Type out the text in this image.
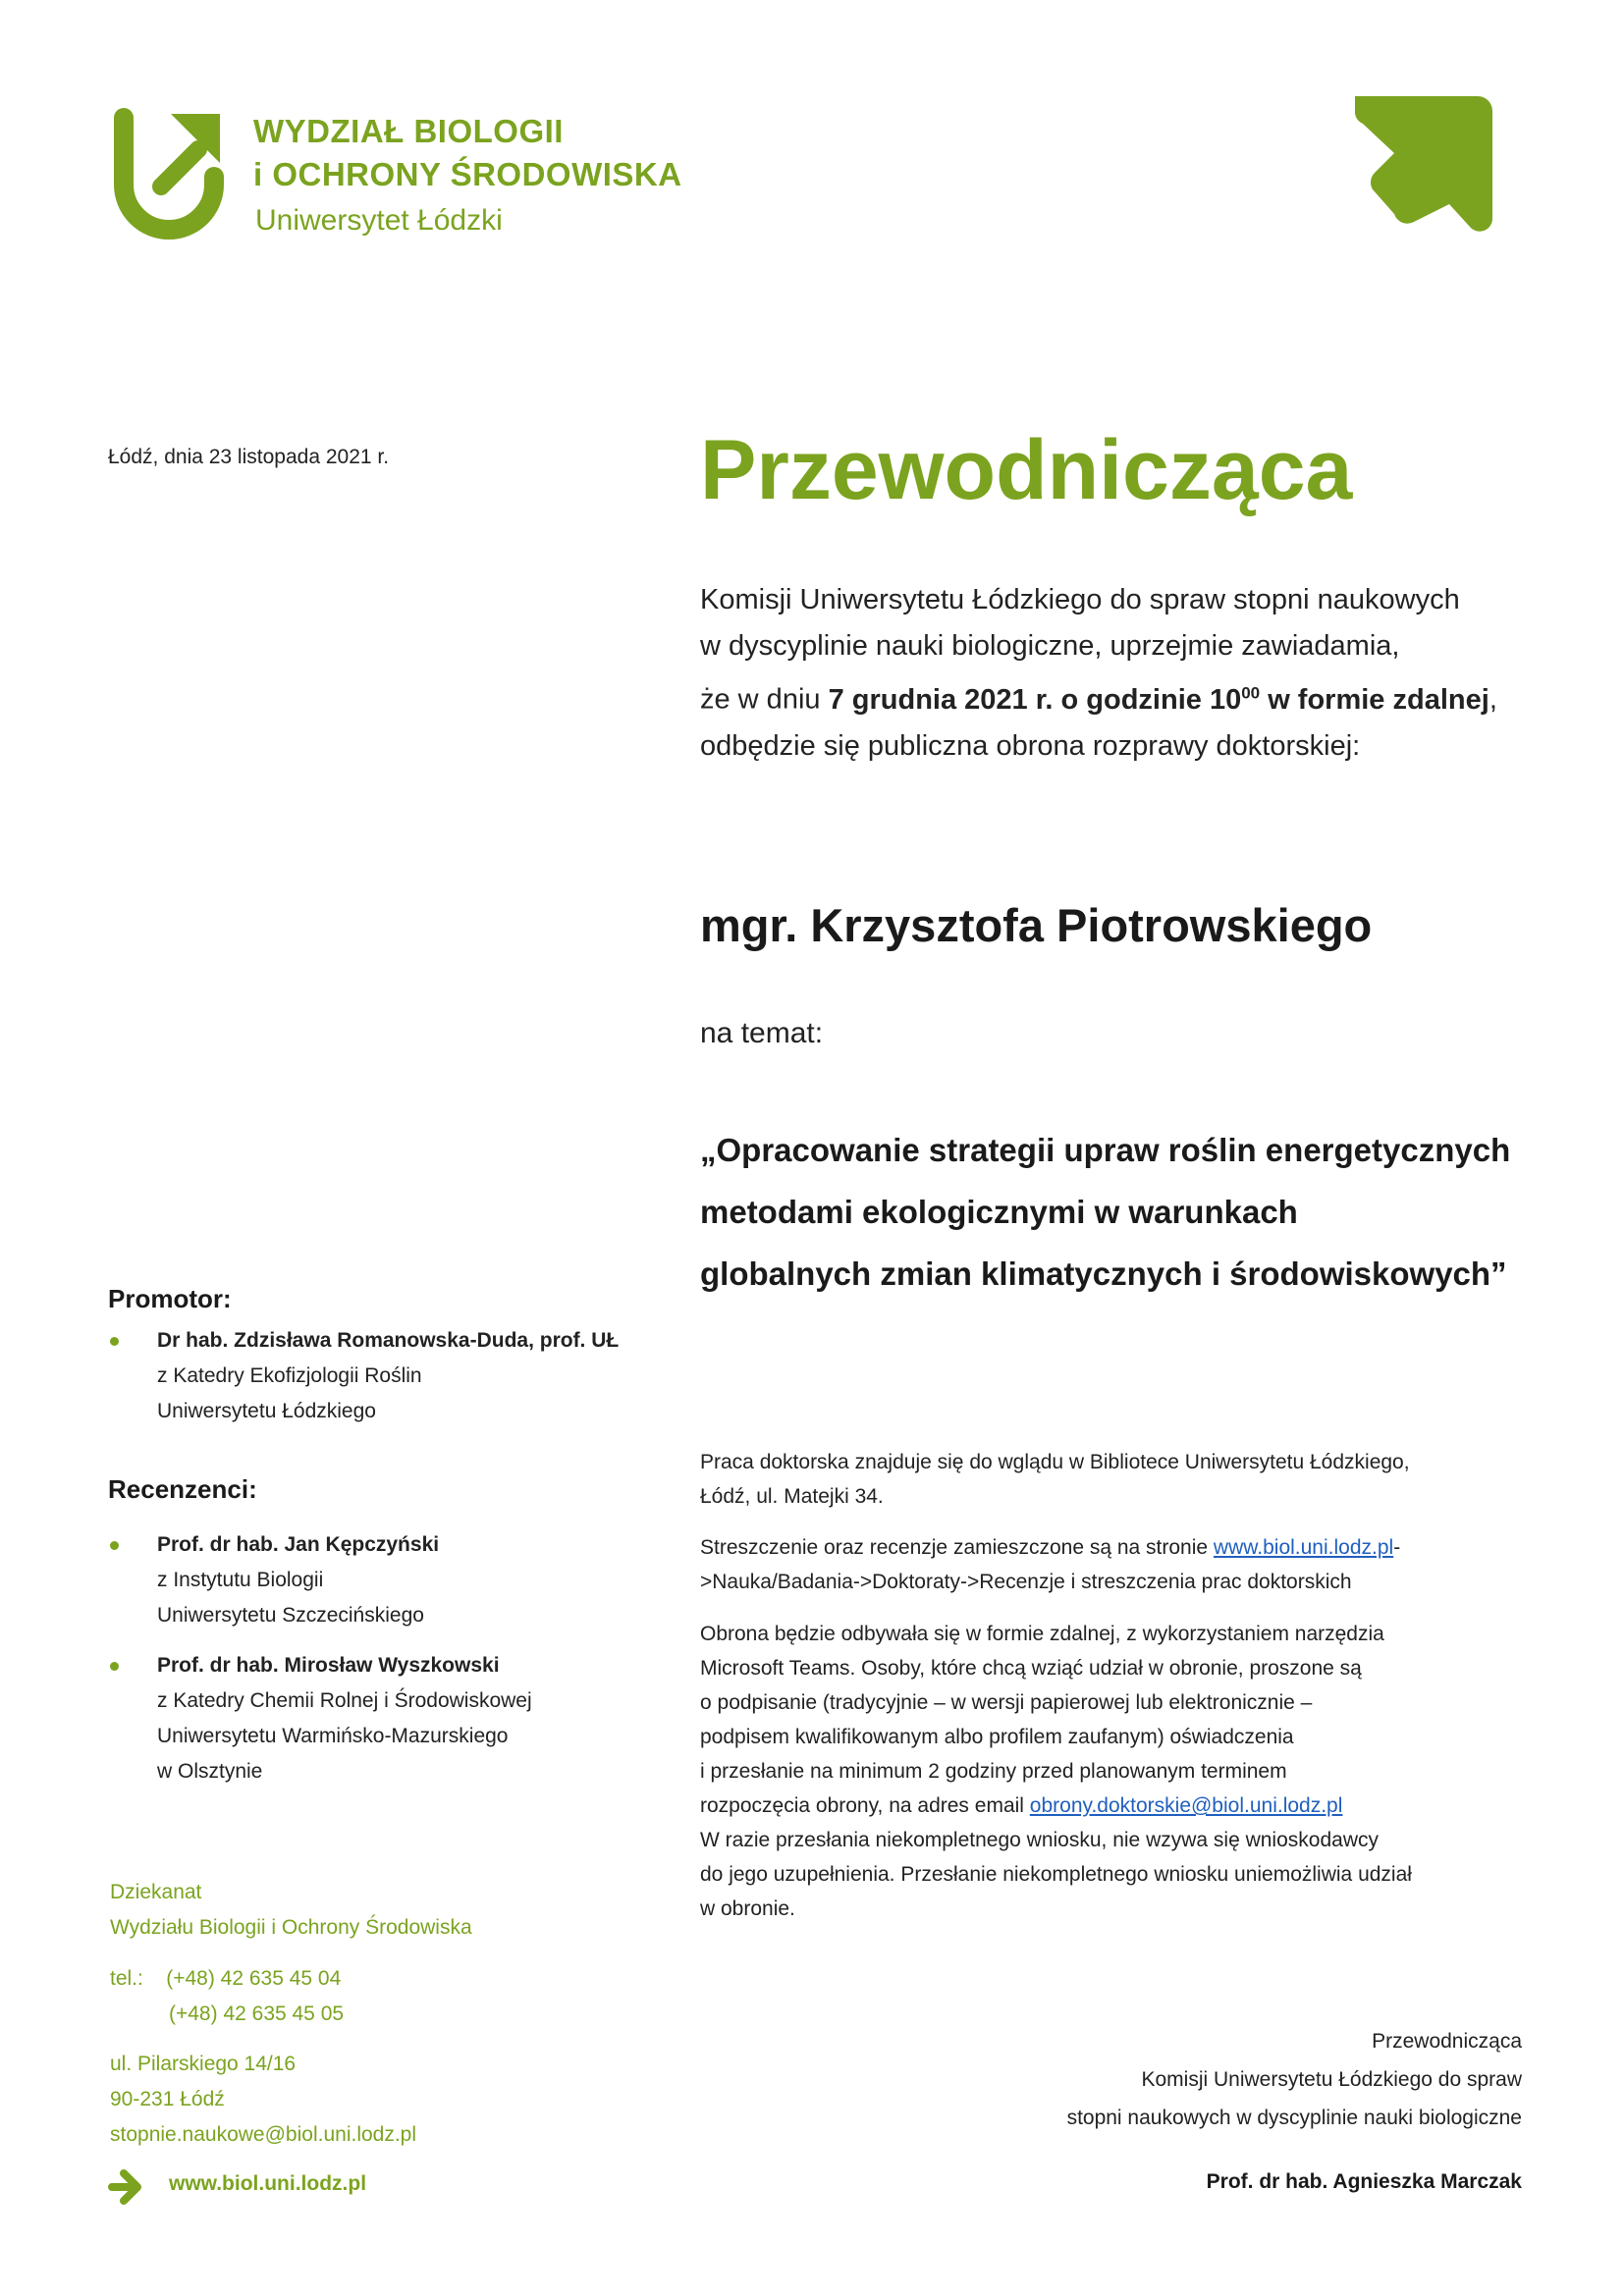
WYDZIAŁ BIOLOGII
i OCHRONY ŚRODOWISKA
Uniwersytet Łódzki
Łódź, dnia 23 listopada 2021 r.	Przewodnicząca
Komisji Uniwersytetu Łódzkiego do spraw stopni naukowych
w dyscyplinie nauki biologiczne, uprzejmie zawiadamia,
że w dniu 7 grudnia 2021 r. o godzinie $10^{00}$ w formie zdalnej,
odbędzie się publiczna obrona rozprawy doktorskiej:
mgr. Krzysztofa Piotrowskiego
na temat:
„Opracowanie strategii upraw roślin energetycznych
metodami ekologicznymi w warunkach
globalnych zmian klimatycznych i środowiskowych”
Promotor:
Dr hab. Zdzisława Romanowska-Duda, prof. UŁ
z Katedry Ekofizjologii Roślin
Uniwersytetu Łódzkiego
Recenzenci:
Prof. dr hab. Jan Kępczyński
z Instytutu Biologii
Uniwersytetu Szczecińskiego
Prof. dr hab. Mirosław Wyszkowski
z Katedry Chemii Rolnej i Środowiskowej
Uniwersytetu Warmińsko-Mazurskiego
w Olsztynie
Praca doktorska znajduje się do wglądu w Bibliotece Uniwersytetu Łódzkiego,
Łódź, ul. Matejki 34.
Streszczenie oraz recenzje zamieszczone są na stronie www.biol.uni.lodz.pl-
>Nauka/Badania->Doktoraty->Recenzje i streszczenia prac doktorskich
Obrona będzie odbywała się w formie zdalnej, z wykorzystaniem narzędzia
Microsoft Teams. Osoby, które chcą wziąć udział w obronie, proszone są
o podpisanie (tradycyjnie – w wersji papierowej lub elektronicznie –
podpisem kwalifikowanym albo profilem zaufanym) oświadczenia
i przesłanie na minimum 2 godziny przed planowanym terminem
rozpoczęcia obrony, na adres email obrony.doktorskie@biol.uni.lodz.pl
W razie przesłania niekompletnego wniosku, nie wzywa się wnioskodawcy
do jego uzupełnienia. Przesłanie niekompletnego wniosku uniemożliwia udział
w obronie.
Dziekanat
Wydziału Biologii i Ochrony Środowiska
tel.: (+48) 42 635 45 04
(+48) 42 635 45 05
ul. Pilarskiego 14/16
90-231 Łódź
stopnie.naukowe@biol.uni.lodz.pl
Przewodnicząca
Komisji Uniwersytetu Łódzkiego do spraw
stopni naukowych w dyscyplinie nauki biologiczne
Prof. dr hab. Agnieszka Marczak
www.biol.uni.lodz.pl
